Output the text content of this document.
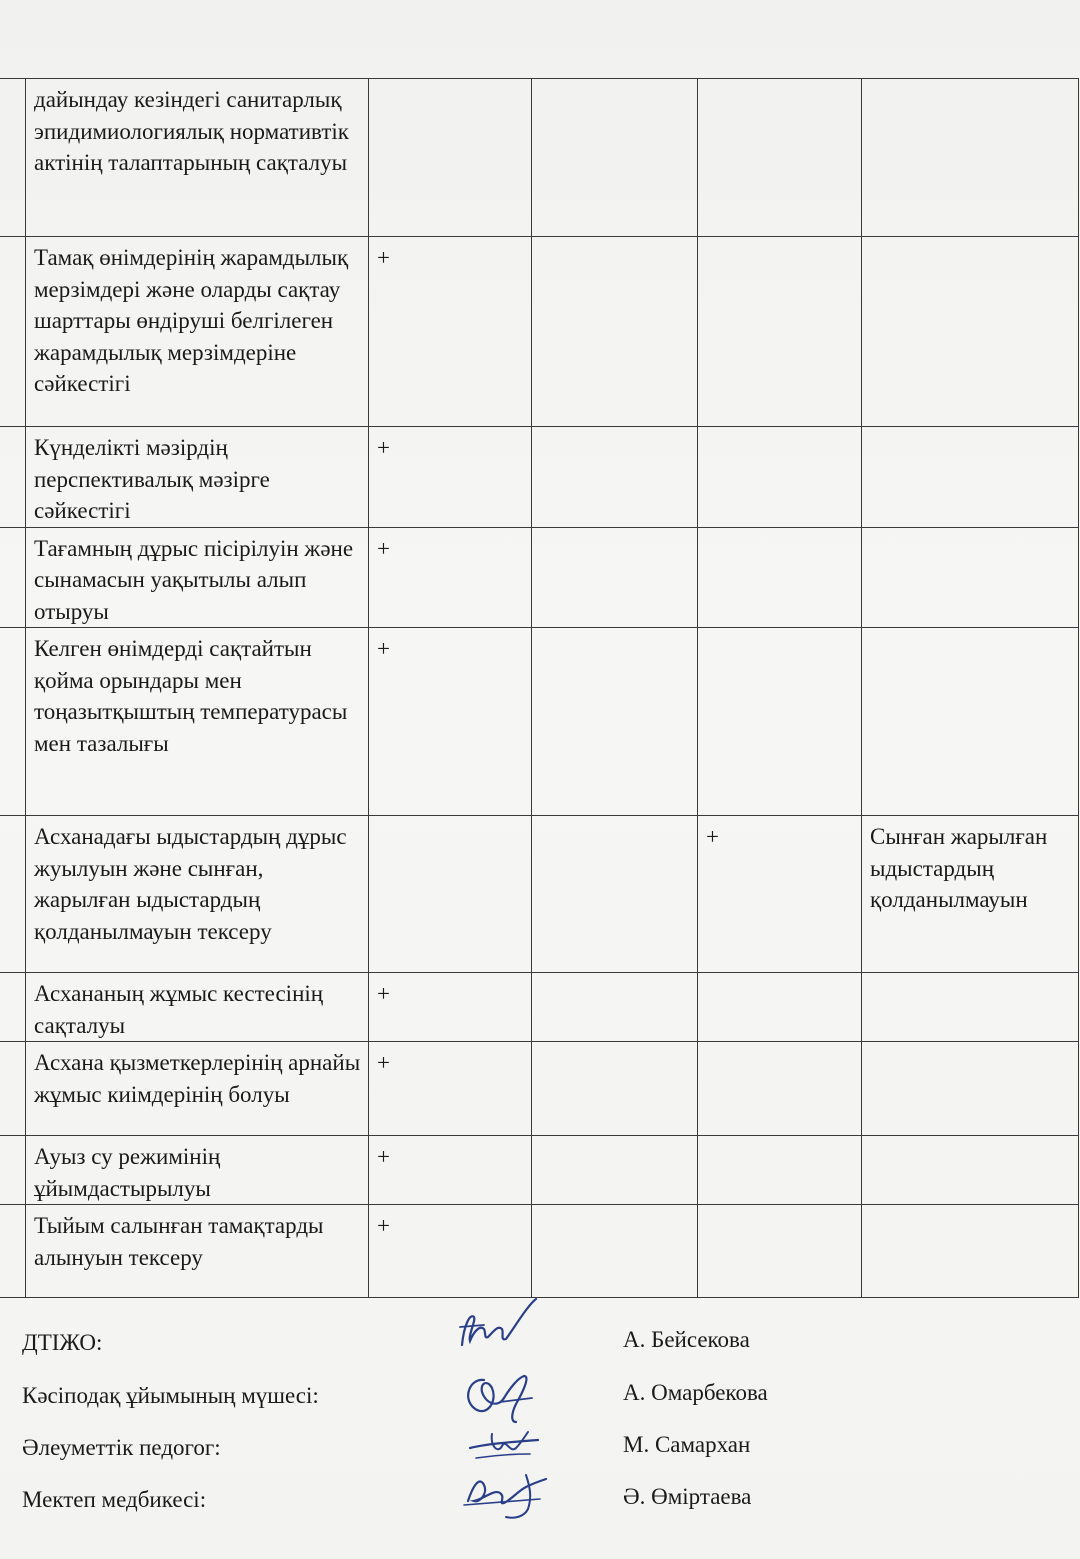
	дайындау кезіндегі санитарлық эпидимиологиялық нормативтік актінің талаптарының сақталуы				
	Тамақ өнімдерінің жарамдылық мерзімдері және оларды сақтау шарттары өндіруші белгілеген жарамдылық мерзімдеріне сәйкестігі	+			
	Күнделікті мәзірдің перспективалық мәзірге сәйкестігі	+			
	Тағамның дұрыс пісірілуін және сынамасын уақытылы алып отыруы	+			
	Келген өнімдерді сақтайтын қойма орындары мен тоңазытқыштың температурасы мен тазалығы	+			
	Асханадағы ыдыстардың дұрыс жуылуын және сынған, жарылған ыдыстардың қолданылмауын тексеру			+	Сынған жарылған ыдыстардың қолданылмауын
	Асхананың жұмыс кестесінің сақталуы	+			
	Асхана қызметкерлерінің арнайы жұмыс киімдерінің болуы	+			
	Ауыз су режимінің ұйымдастырылуы	+			
	Тыйым салынған тамақтарды алынуын тексеру	+			
ДТІЖО:
Кәсіподақ ұйымының мүшесі:
Әлеуметтік педогог:
Мектеп медбикесі:
А. Бейсекова
А. Омарбекова
М. Самархан
Ә. Өміртаева
